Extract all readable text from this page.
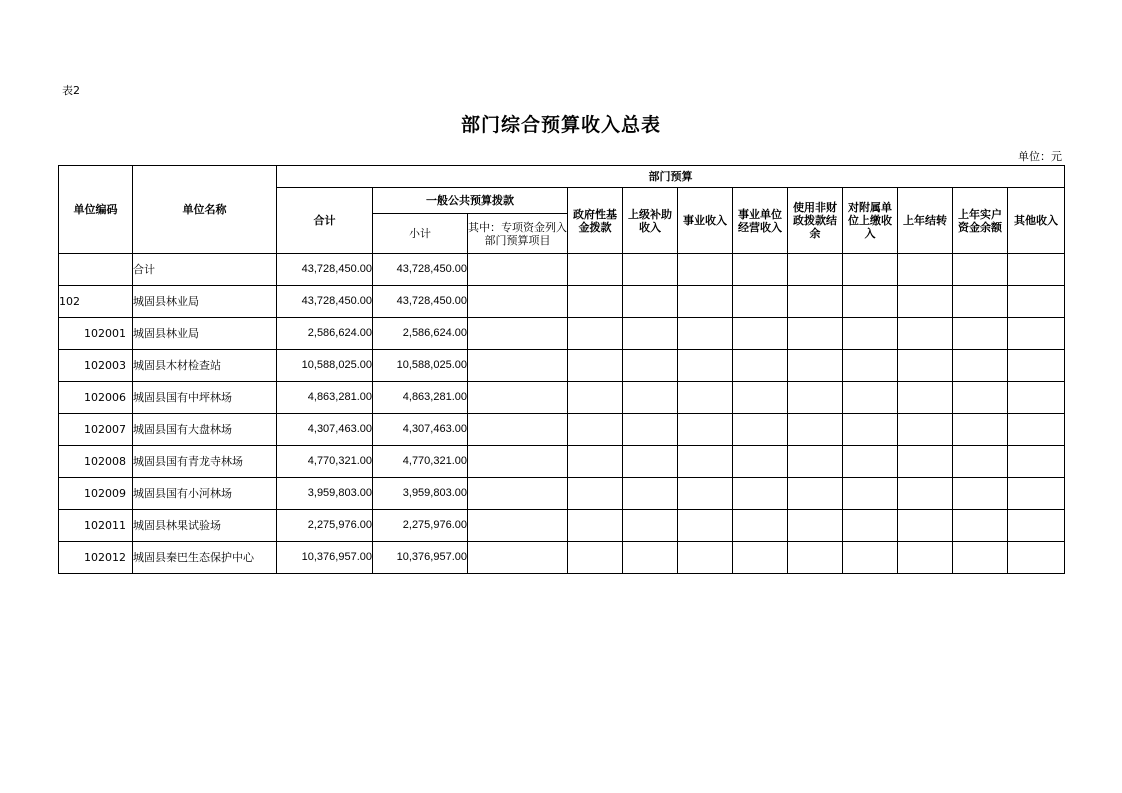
表2
部门综合预算收入总表
单位：元
单位编码	单位名称	部门预算											
		合计	一般公共预算拨款		政府性基金拨款	上级补助收入	事业收入	事业单位经营收入	使用非财政拨款结余	对附属单位上缴收入	上年结转	上年实户资金余额	其他收入
			小计	其中：专项资金列入部门预算项目									
	合计	43,728,450.00	43,728,450.00										
102	城固县林业局	43,728,450.00	43,728,450.00										
102001	城固县林业局	2,586,624.00	2,586,624.00										
102003	城固县木材检查站	10,588,025.00	10,588,025.00										
102006	城固县国有中坪林场	4,863,281.00	4,863,281.00										
102007	城固县国有大盘林场	4,307,463.00	4,307,463.00										
102008	城固县国有青龙寺林场	4,770,321.00	4,770,321.00										
102009	城固县国有小河林场	3,959,803.00	3,959,803.00										
102011	城固县林果试验场	2,275,976.00	2,275,976.00										
102012	城固县秦巴生态保护中心	10,376,957.00	10,376,957.00										
